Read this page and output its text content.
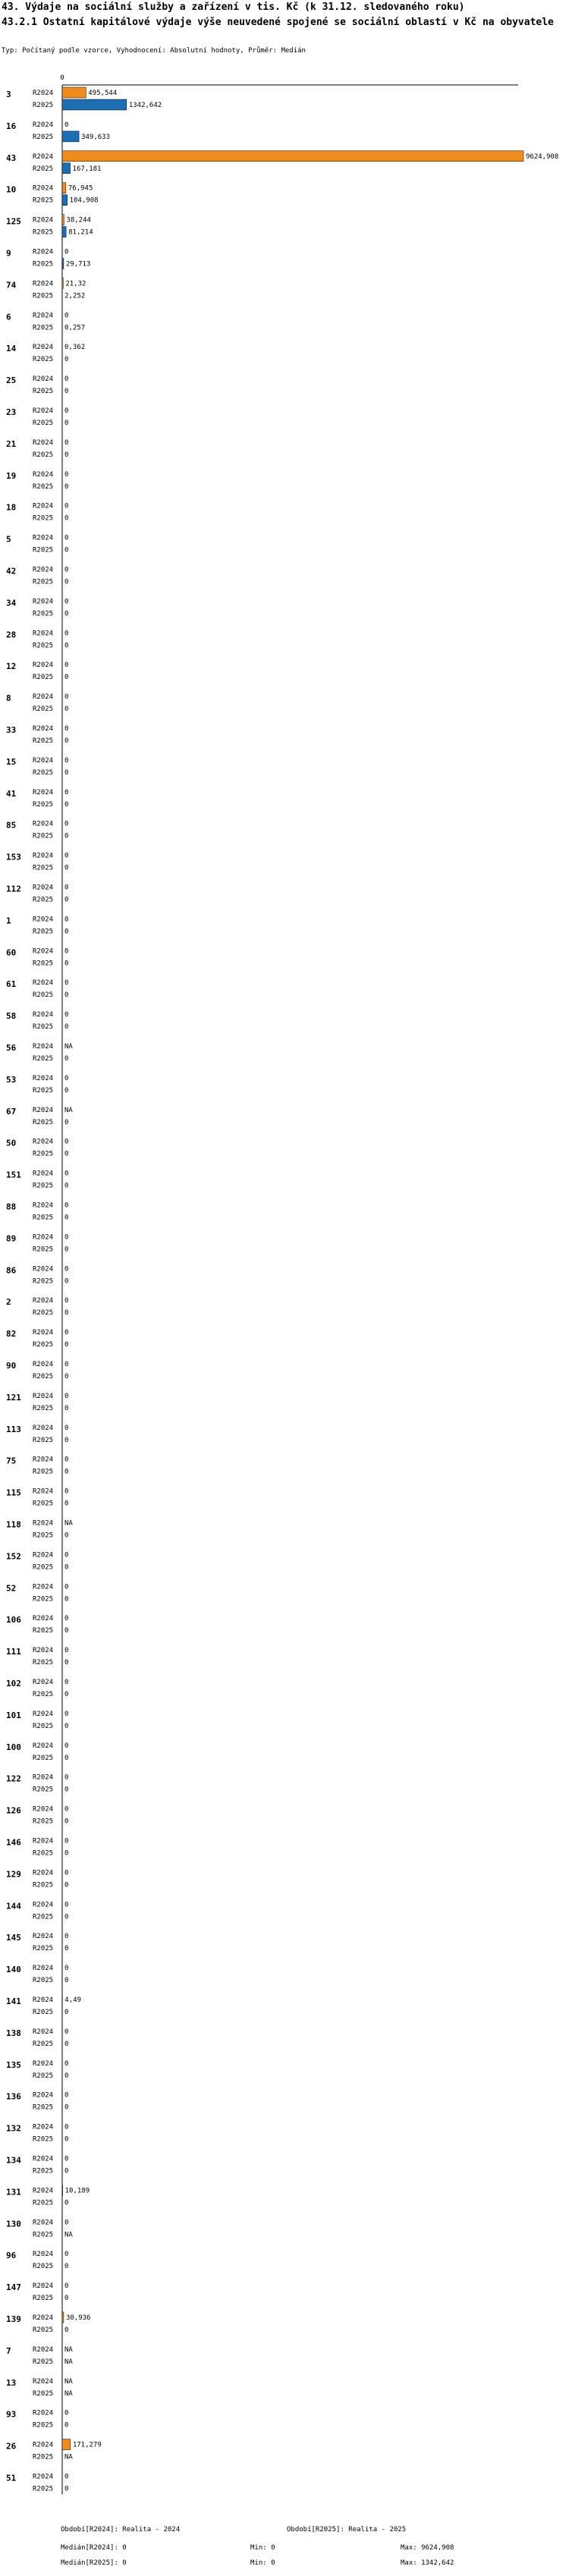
43. Výdaje na sociální služby a zařízení v tis. Kč (k 31.12. sledovaného roku)
43.2.1 Ostatní kapitálové výdaje výše neuvedené spojené se sociální oblastí v Kč na obyvatele
Typ: Počítaný podle vzorce, Vyhodnocení: Absolutní hodnoty, Průměr: Medián
0
3	R2024	495,544
R2025	1342,642
16 R2024 0
R2025	349,633
43 R2024	9624,908
R2025	167,181
10 R2024 76,945
R2025 104,908
125 R2024 38,244
R2025 81,214
9	R2024 0
R2025 29,713
74 R2024 21,32
R2025 2,252
6	R2024 0
R2025 0,257
14 R2024 0,362
R2025 0
25 R2024 0
R2025 0
23 R2024 0
R2025 0
21 R2024 0
R2025 0
19 R2024 0
R2025 0
18 R2024 0
R2025 0
5	R2024 0
R2025 0
42 R2024 0
R2025 0
34 R2024 0
R2025 0
28 R2024 0
R2025 0
12 R2024 0
R2025 0
8	R2024 0
R2025 0
33 R2024 0
R2025 0
15 R2024 0
R2025 0
41 R2024 0
R2025 0
85 R2024 0
R2025 0
153 R2024 0
R2025 0
112 R2024 0
R2025 0
1	R2024 0
R2025 0
60 R2024 0
R2025 0
61 R2024 0
R2025 0
58 R2024 0
R2025 0
56 R2024 NA
R2025 0
53 R2024 0
R2025 0
67 R2024 NA
R2025 0
50 R2024 0
R2025 0
151 R2024 0
R2025 0
88 R2024 0
R2025 0
89 R2024 0
R2025 0
86 R2024 0
R2025 0
2	R2024 0
R2025 0
82 R2024 0
R2025 0
90 R2024 0
R2025 0
121 R2024 0
R2025 0
113 R2024 0
R2025 0
75 R2024 0
R2025 0
115 R2024 0
R2025 0
118 R2024 NA
R2025 0
152 R2024 0
R2025 0
52 R2024 0
R2025 0
106 R2024 0
R2025 0
111 R2024 0
R2025 0
102 R2024 0
R2025 0
101 R2024 0
R2025 0
100 R2024 0
R2025 0
122 R2024 0
R2025 0
126 R2024 0
R2025 0
146 R2024 0
R2025 0
129 R2024 0
R2025 0
144 R2024 0
R2025 0
145 R2024 0
R2025 0
140 R2024 0
R2025 0
141 R2024 4,49
R2025 0
138 R2024 0
R2025 0
135 R2024 0
R2025 0
136 R2024 0
R2025 0
132 R2024 0
R2025 0
134 R2024 0
R2025 0
131 R2024 10,189
R2025 0
130 R2024 0
R2025 NA
96 R2024 0
R2025 0
147 R2024 0
R2025 0
139 R2024 30,936
R2025 0
7	R2024 NA
R2025 NA
13 R2024 NA
R2025 NA
93 R2024 0
R2025 0
26 R2024	171,279
R2025 NA
51 R2024 0
R2025 0
Období[R2024]: Realita - 2024	Období[R2025]: Realita - 2025
Medián[R2024]: 0	Min: 0	Max: 9624,908
Medián[R2025]: 0	Min: 0	Max: 1342,642
